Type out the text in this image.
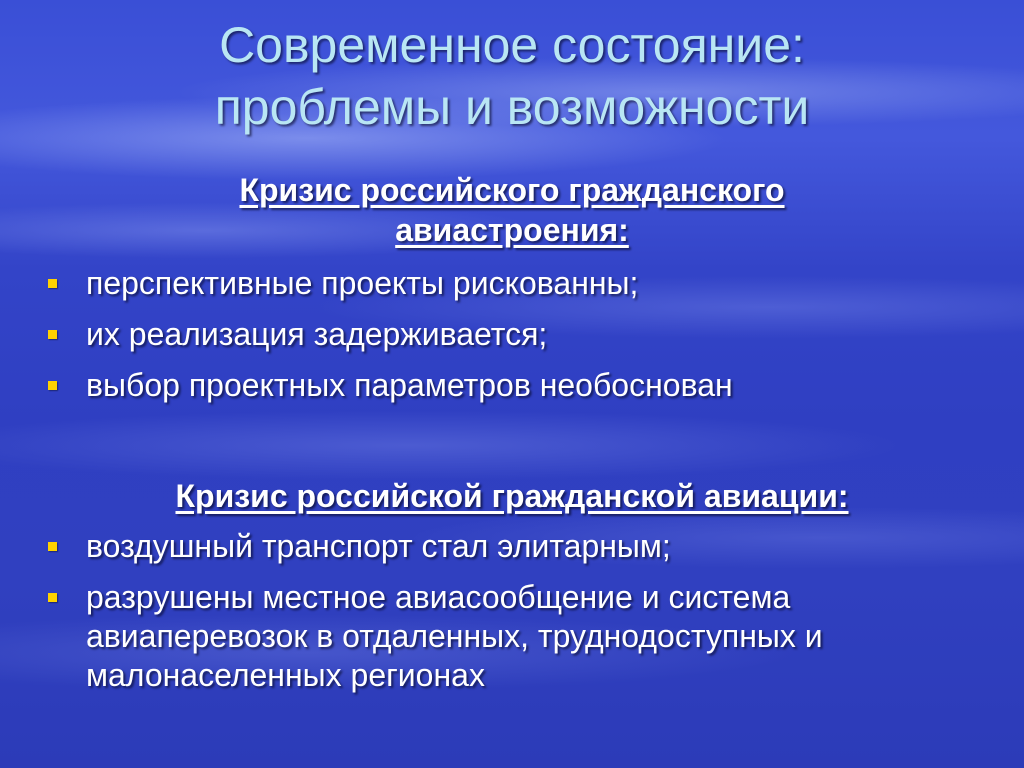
Современное состояние:
проблемы и возможности
Кризис российского гражданского
авиастроения:
перспективные проекты рискованны;
их реализация задерживается;
выбор проектных параметров необоснован
Кризис российской гражданской авиации:
воздушный транспорт стал элитарным;
разрушены местное авиасообщение и система авиаперевозок в отдаленных, труднодоступных и малонаселенных регионах
